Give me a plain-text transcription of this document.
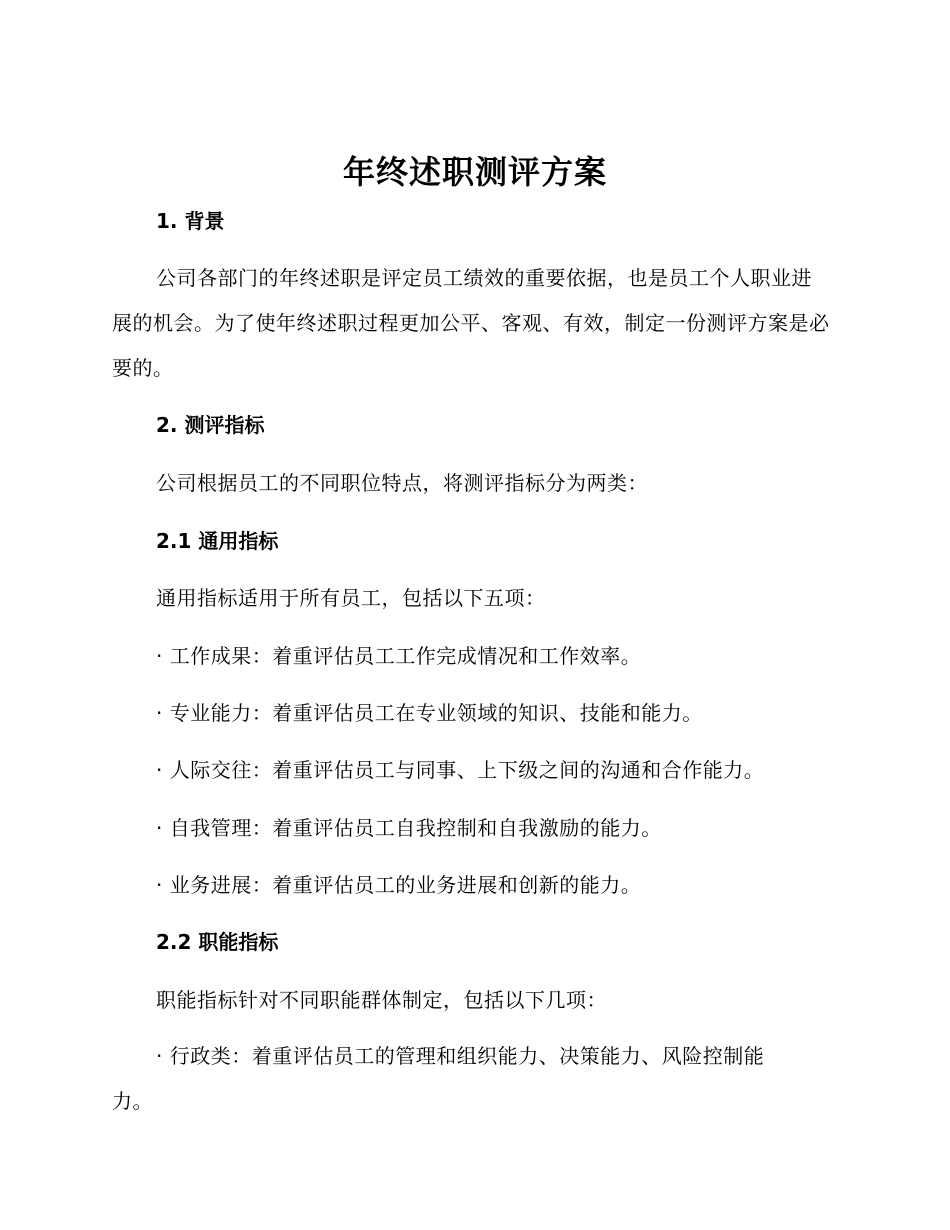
年终述职测评方案
1. 背景
公司各部门的年终述职是评定员工绩效的重要依据，也是员工个人职业进展的机会。为了使年终述职过程更加公平、客观、有效，制定一份测评方案是必要的。
2. 测评指标
公司根据员工的不同职位特点，将测评指标分为两类：
2.1 通用指标
通用指标适用于所有员工，包括以下五项：
· 工作成果：着重评估员工工作完成情况和工作效率。
· 专业能力：着重评估员工在专业领域的知识、技能和能力。
· 人际交往：着重评估员工与同事、上下级之间的沟通和合作能力。
· 自我管理：着重评估员工自我控制和自我激励的能力。
· 业务进展：着重评估员工的业务进展和创新的能力。
2.2 职能指标
职能指标针对不同职能群体制定，包括以下几项：
· 行政类：着重评估员工的管理和组织能力、决策能力、风险控制能力。
